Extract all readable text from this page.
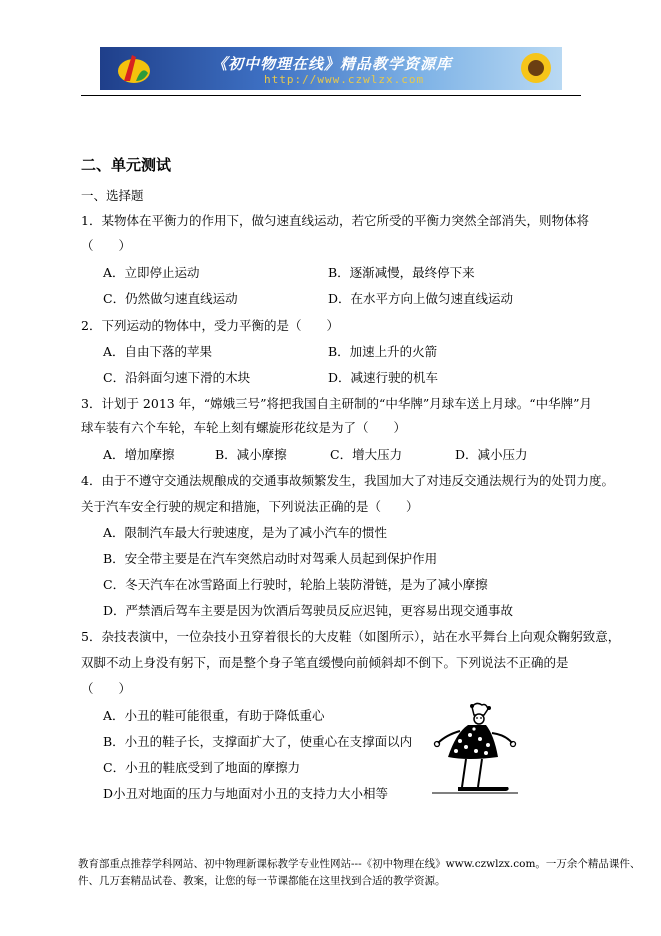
《初中物理在线》精品教学资源库
http://www.czwlzx.com
二、单元测试
一、选择题
1．某物体在平衡力的作用下，做匀速直线运动，若它所受的平衡力突然全部消失，则物体将
（　　）
A．立即停止运动	B．逐渐减慢，最终停下来
C．仍然做匀速直线运动	D．在水平方向上做匀速直线运动
2．下列运动的物体中，受力平衡的是（　　）
A．自由下落的苹果	B．加速上升的火箭
C．沿斜面匀速下滑的木块	D．减速行驶的机车
3．计划于 2013 年，“嫦娥三号”将把我国自主研制的“中华牌”月球车送上月球。“中华牌”月
球车装有六个车轮，车轮上刻有螺旋形花纹是为了（　　）
A．增加摩擦	B．减小摩擦	C．增大压力	D．减小压力
4．由于不遵守交通法规酿成的交通事故频繁发生，我国加大了对违反交通法规行为的处罚力度。
关于汽车安全行驶的规定和措施，下列说法正确的是（　　）
A．限制汽车最大行驶速度，是为了减小汽车的惯性
B．安全带主要是在汽车突然启动时对驾乘人员起到保护作用
C．冬天汽车在冰雪路面上行驶时，轮胎上装防滑链，是为了减小摩擦
D．严禁酒后驾车主要是因为饮酒后驾驶员反应迟钝，更容易出现交通事故
5．杂技表演中，一位杂技小丑穿着很长的大皮鞋（如图所示），站在水平舞台上向观众鞠躬致意，
双脚不动上身没有躬下，而是整个身子笔直缓慢向前倾斜却不倒下。下列说法不正确的是
（　　）
A．小丑的鞋可能很重，有助于降低重心
B．小丑的鞋子长，支撑面扩大了，使重心在支撑面以内
C．小丑的鞋底受到了地面的摩擦力
D小丑对地面的压力与地面对小丑的支持力大小相等
教育部重点推荐学科网站、初中物理新课标教学专业性网站---《初中物理在线》www.czwlzx.com。一万余个精品课件、
件、几万套精品试卷、教案，让您的每一节课都能在这里找到合适的教学资源。
